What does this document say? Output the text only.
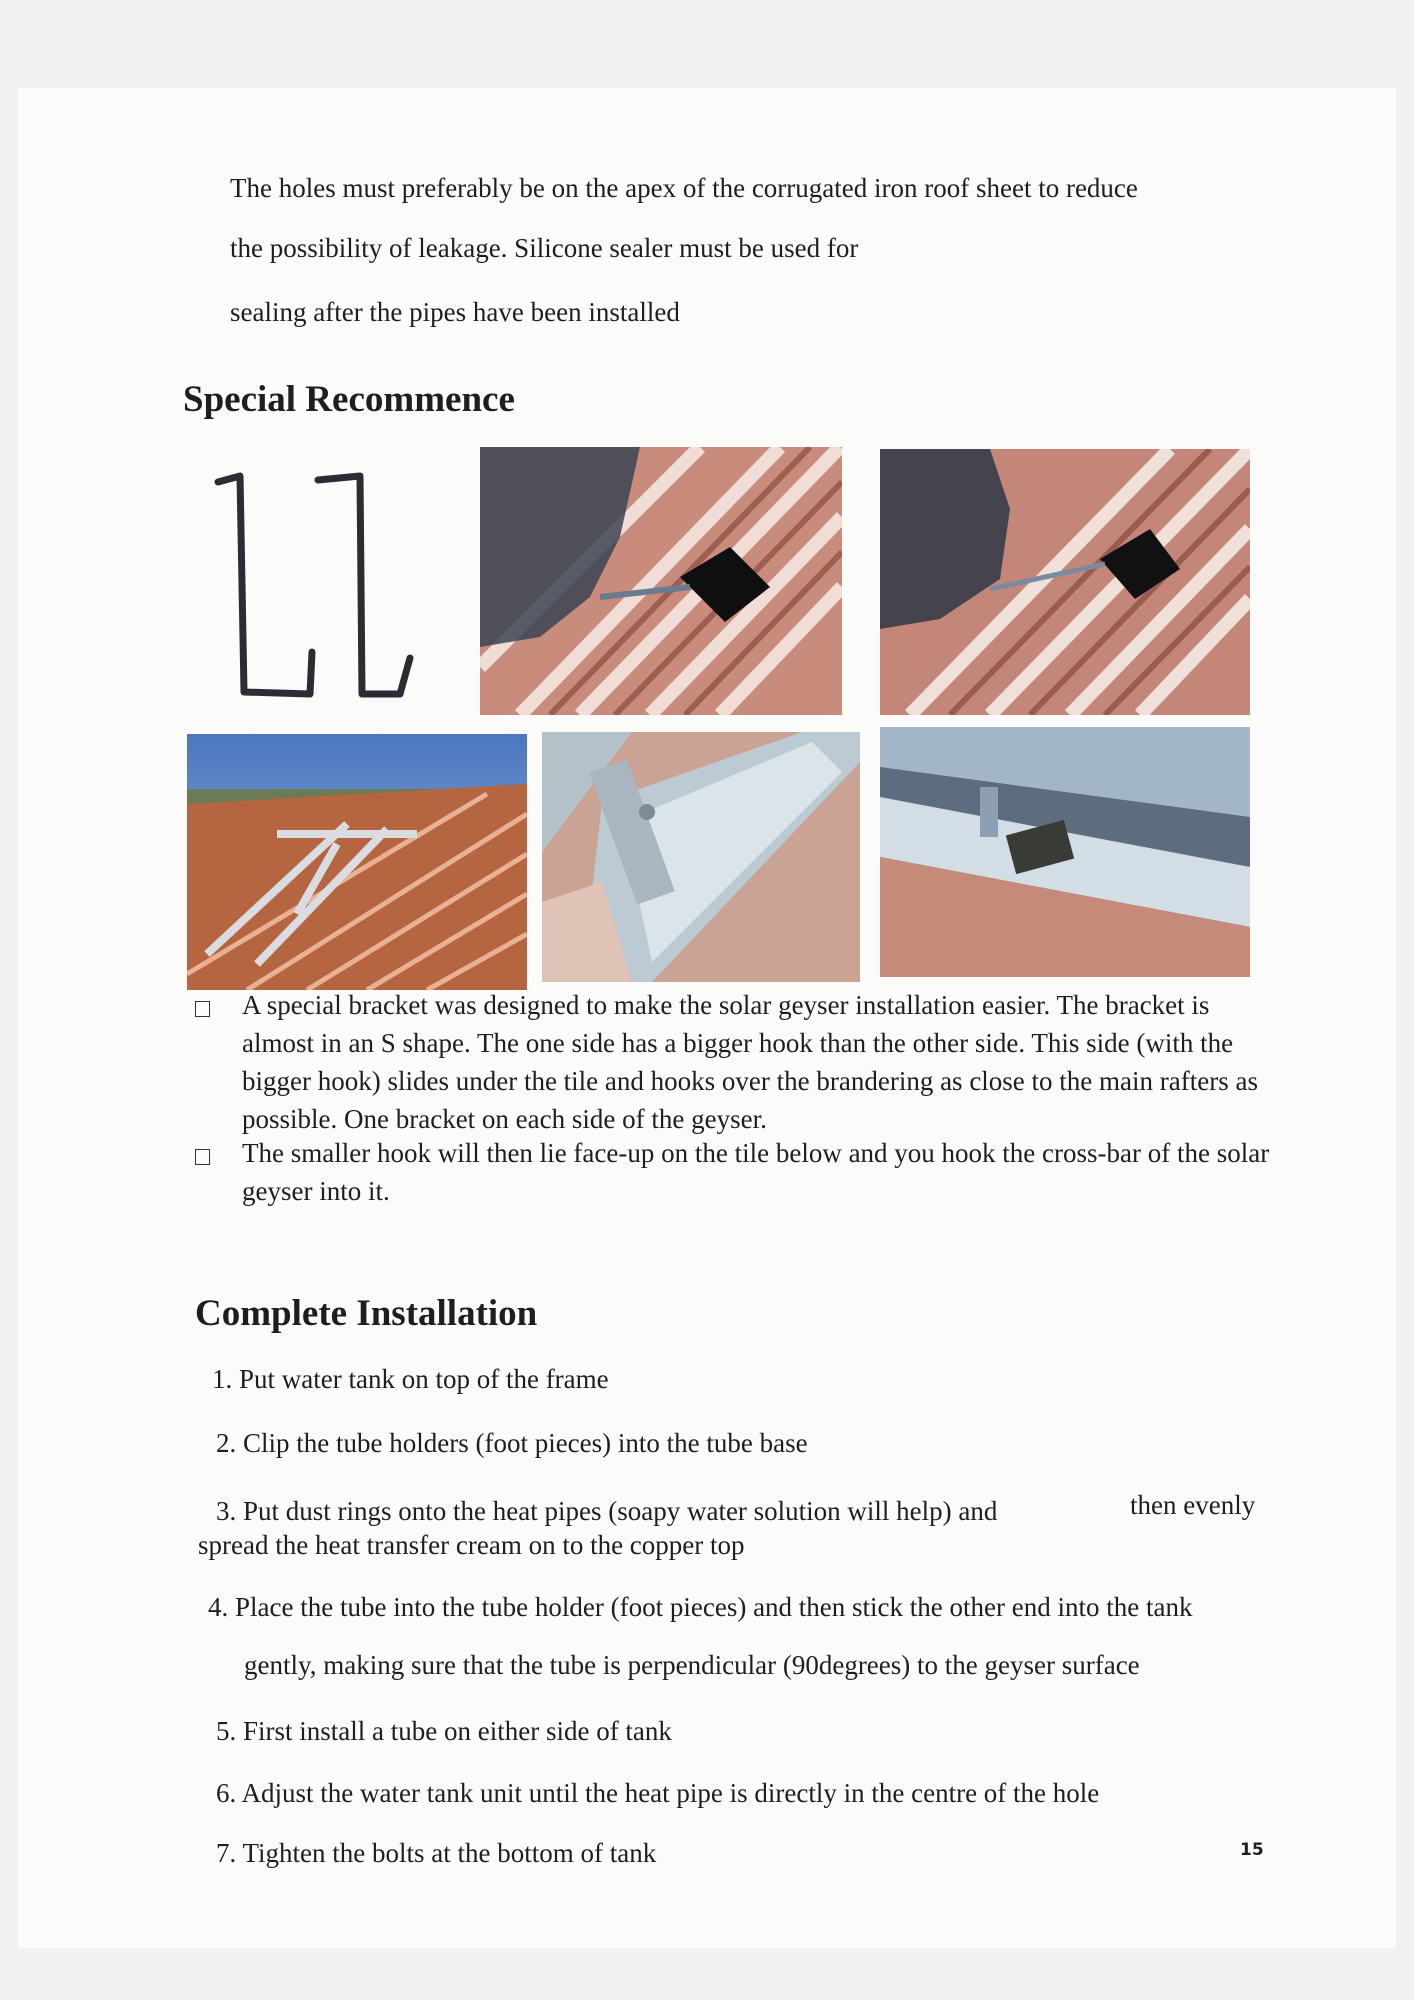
The holes must preferably be on the apex of the corrugated iron roof sheet to reduce
the possibility of leakage. Silicone sealer must be used for
sealing after the pipes have been installed
Special Recommence
A special bracket was designed to make the solar geyser installation easier. The bracket is almost in an S shape. The one side has a bigger hook than the other side. This side (with the bigger hook) slides under the tile and hooks over the brandering as close to the main rafters as possible. One bracket on each side of the geyser.
The smaller hook will then lie face-up on the tile below and you hook the cross-bar of the solar geyser into it.
Complete Installation
1. Put water tank on top of the frame
2. Clip the tube holders (foot pieces) into the tube base
3. Put dust rings onto the heat pipes (soapy water solution will help) and	then evenly
spread the heat transfer cream on to the copper top
4. Place the tube into the tube holder (foot pieces) and then stick the other end into the tank
gently, making sure that the tube is perpendicular (90degrees) to the geyser surface
5. First install a tube on either side of tank
6. Adjust the water tank unit until the heat pipe is directly in the centre of the hole
7. Tighten the bolts at the bottom of tank	15
